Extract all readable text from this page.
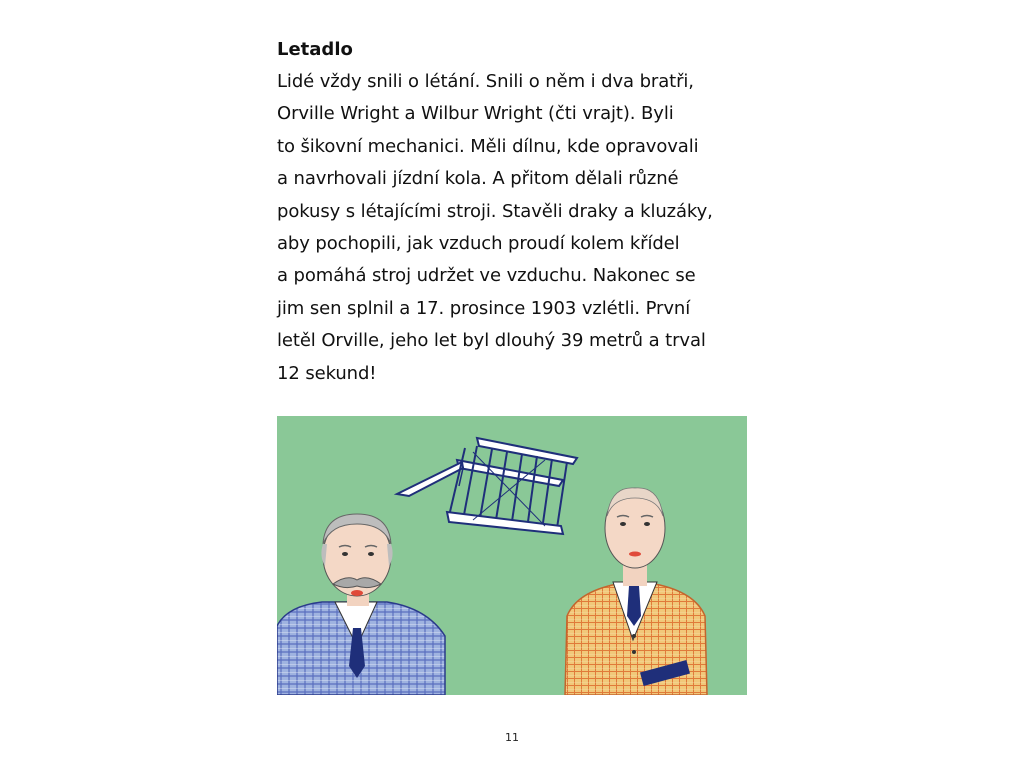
Letadlo
Lidé vždy snili o létání. Snili o něm i dva bratři,
Orville Wright a Wilbur Wright (čti vrajt). Byli
to šikovní mechanici. Měli dílnu, kde opravovali
a navrhovali jízdní kola. A přitom dělali různé
pokusy s létajícími stroji. Stavěli draky a kluzáky,
aby pochopili, jak vzduch proudí kolem křídel
a pomáhá stroj udržet ve vzduchu. Nakonec se
jim sen splnil a 17. prosince 1903 vzlétli. První
letěl Orville, jeho let byl dlouhý 39 metrů a trval
12 sekund!
11
